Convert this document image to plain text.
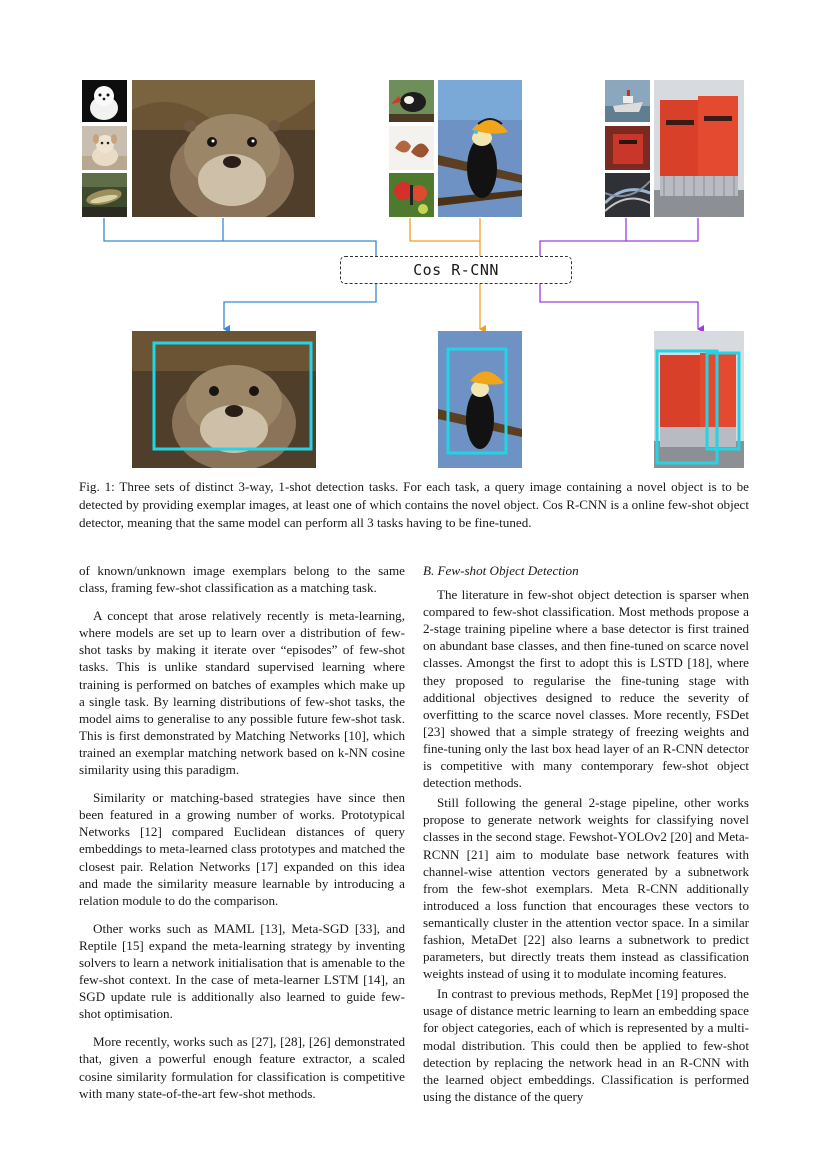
Cos R-CNN
Fig. 1: Three sets of distinct 3-way, 1-shot detection tasks. For each task, a query image containing a novel object is to be detected by providing exemplar images, at least one of which contains the novel object. Cos R-CNN is a online few-shot object detector, meaning that the same model can perform all 3 tasks having to be fine-tuned.

of known/unknown image exemplars belong to the same class, framing few-shot classification as a matching task.

A concept that arose relatively recently is meta-learning, where models are set up to learn over a distribution of few-shot tasks by making it iterate over “episodes” of few-shot tasks. This is unlike standard supervised learning where training is performed on batches of examples which make up a single task. By learning distributions of few-shot tasks, the model aims to generalise to any possible future few-shot task. This is first demonstrated by Matching Networks [10], which trained an exemplar matching network based on k-NN cosine similarity using this paradigm.

Similarity or matching-based strategies have since then been featured in a growing number of works. Prototypical Networks [12] compared Euclidean distances of query embeddings to meta-learned class prototypes and matched the closest pair. Relation Networks [17] expanded on this idea and made the similarity measure learnable by introducing a relation module to do the comparison.

Other works such as MAML [13], Meta-SGD [33], and Reptile [15] expand the meta-learning strategy by inventing solvers to learn a network initialisation that is amenable to the few-shot context. In the case of meta-learner LSTM [14], an SGD update rule is additionally also learned to guide few-shot optimisation.

More recently, works such as [27], [28], [26] demonstrated that, given a powerful enough feature extractor, a scaled cosine similarity formulation for classification is competitive with many state-of-the-art few-shot methods.

B. Few-shot Object Detection

The literature in few-shot object detection is sparser when compared to few-shot classification. Most methods propose a 2-stage training pipeline where a base detector is first trained on abundant base classes, and then fine-tuned on scarce novel classes. Amongst the first to adopt this is LSTD [18], where they proposed to regularise the fine-tuning stage with additional objectives designed to reduce the severity of overfitting to the scarce novel classes. More recently, FSDet [23] showed that a simple strategy of freezing weights and fine-tuning only the last box head layer of an R-CNN detector is competitive with many contemporary few-shot object detection methods.

Still following the general 2-stage pipeline, other works propose to generate network weights for classifying novel classes in the second stage. Fewshot-YOLOv2 [20] and Meta-RCNN [21] aim to modulate base network features with channel-wise attention vectors generated by a subnetwork from the few-shot exemplars. Meta R-CNN additionally introduced a loss function that encourages these vectors to semantically cluster in the attention vector space. In a similar fashion, MetaDet [22] also learns a subnetwork to predict parameters, but directly treats them instead as classification weights instead of using it to modulate incoming features.

In contrast to previous methods, RepMet [19] proposed the usage of distance metric learning to learn an embedding space for object categories, each of which is represented by a multi-modal distribution. This could then be applied to few-shot detection by replacing the network head in an R-CNN with the learned object embeddings. Classification is performed using the distance of the query
